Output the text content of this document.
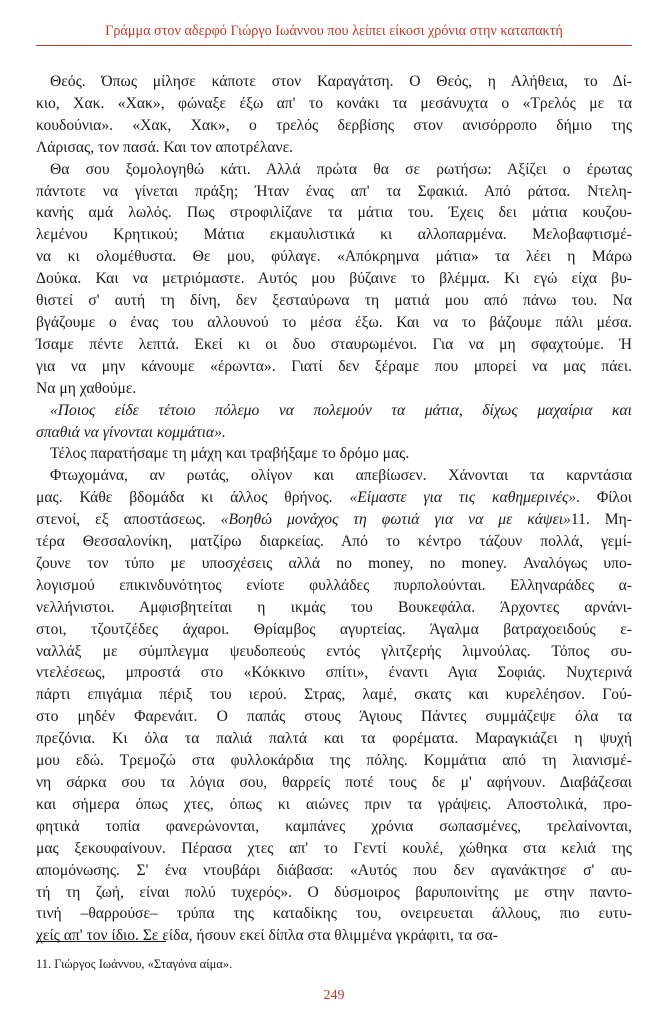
Γράμμα στον αδερφό Γιώργο Ιωάννου που λείπει είκοσι χρόνια στην καταπακτή

Θεός. Όπως μίλησε κάποτε στον Καραγάτση. Ο Θεός, η Αλήθεια, το Δί-
κιο, Χακ. «Χακ», φώναξε έξω απ' το κονάκι τα μεσάνυχτα ο «Τρελός με τα
κουδούνια». «Χακ, Χακ», ο τρελός δερβίσης στον ανισόρροπο δήμιο της
Λάρισας, τον πασά. Και τον αποτρέλανε.

Θα σου ξομολογηθώ κάτι. Αλλά πρώτα θα σε ρωτήσω: Αξίζει ο έρωτας
πάντοτε να γίνεται πράξη; Ήταν ένας απ' τα Σφακιά. Από ράτσα. Ντελη-
κανής αμά λωλός. Πως στροφιλίζανε τα μάτια του. Έχεις δει μάτια κουζου-
λεμένου Κρητικού; Μάτια εκμαυλιστικά κι αλλοπαρμένα. Μελοβαφτισμέ-
να κι ολομέθυστα. Θε μου, φύλαγε. «Απόκρημνα μάτια» τα λέει η Μάρω
Δούκα. Και να μετριόμαστε. Αυτός μου βύζαινε το βλέμμα. Κι εγώ είχα βυ-
θιστεί σ' αυτή τη δίνη, δεν ξεσταύρωνα τη ματιά μου από πάνω του. Να
βγάζουμε ο ένας του αλλουνού το μέσα έξω. Και να το βάζουμε πάλι μέσα.
Ίσαμε πέντε λεπτά. Εκεί κι οι δυο σταυρωμένοι. Για να μη σφαχτούμε. Ή
για να μην κάνουμε «έρωντα». Γιατί δεν ξέραμε που μπορεί να μας πάει.
Να μη χαθούμε.

«Ποιος είδε τέτοιο πόλεμο να πολεμούν τα μάτια, δίχως μαχαίρια και
σπαθιά να γίνονται κομμάτια».

Τέλος παρατήσαμε τη μάχη και τραβήξαμε το δρόμο μας.

Φτωχομάνα, αν ρωτάς, ολίγον και απεβίωσεν. Χάνονται τα καρντάσια
μας. Κάθε βδομάδα κι άλλος θρήνος. «Είμαστε για τις καθημερινές». Φίλοι
στενοί, εξ αποστάσεως. «Βοηθώ μονάχος τη φωτιά για να με κάψει»11. Μη-
τέρα Θεσσαλονίκη, ματζίρω διαρκείας. Από το κέντρο τάζουν πολλά, γεμί-
ζουνε τον τύπο με υποσχέσεις αλλά no money, no money. Αναλόγως υπο-
λογισμού επικινδυνότητος ενίοτε φυλλάδες πυρπολούνται. Ελληναράδες α-
νελλήνιστοι. Αμφισβητείται η ικμάς του Βουκεφάλα. Άρχοντες αρνάνι-
στοι, τζουτζέδες άχαροι. Θρίαμβος αγυρτείας. Άγαλμα βατραχοειδούς ε-
ναλλάξ με σύμπλεγμα ψευδοπεούς εντός γλιτζερής λιμνούλας. Τόπος συ-
ντελέσεως, μπροστά στο «Κόκκινο σπίτι», έναντι Αγια Σοφιάς. Νυχτερινά
πάρτι επιγάμια πέριξ του ιερού. Στρας, λαμέ, σκατς και κυρελέησον. Γού-
στο μηδέν Φαρενάιτ. Ο παπάς στους Άγιους Πάντες συμμάζεψε όλα τα
πρεζόνια. Κι όλα τα παλιά παλτά και τα φορέματα. Μαραγκιάζει η ψυχή
μου εδώ. Τρεμοζώ στα φυλλοκάρδια της πόλης. Κομμάτια από τη λιανισμέ-
νη σάρκα σου τα λόγια σου, θαρρείς ποτέ τους δε μ' αφήνουν. Διαβάζεσαι
και σήμερα όπως χτες, όπως κι αιώνες πριν τα γράψεις. Αποστολικά, προ-
φητικά τοπία φανερώνονται, καμπάνες χρόνια σωπασμένες, τρελαίνονται,
μας ξεκουφαίνουν. Πέρασα χτες απ' το Γεντί κουλέ, χώθηκα στα κελιά της
απομόνωσης. Σ' ένα ντουβάρι διάβασα: «Αυτός που δεν αγανάκτησε σ' αυ-
τή τη ζωή, είναι πολύ τυχερός». Ο δύσμοιρος βαρυποινίτης με στην παντο-
τινή –θαρρούσε– τρύπα της καταδίκης του, ονειρευεται άλλους, πιο ευτυ-
χείς απ' τον ίδιο. Σε είδα, ήσουν εκεί δίπλα στα θλιμμένα γκράφιτι, τα σα-

11. Γιώργος Ιωάννου, «Σταγόνα αίμα».
249
